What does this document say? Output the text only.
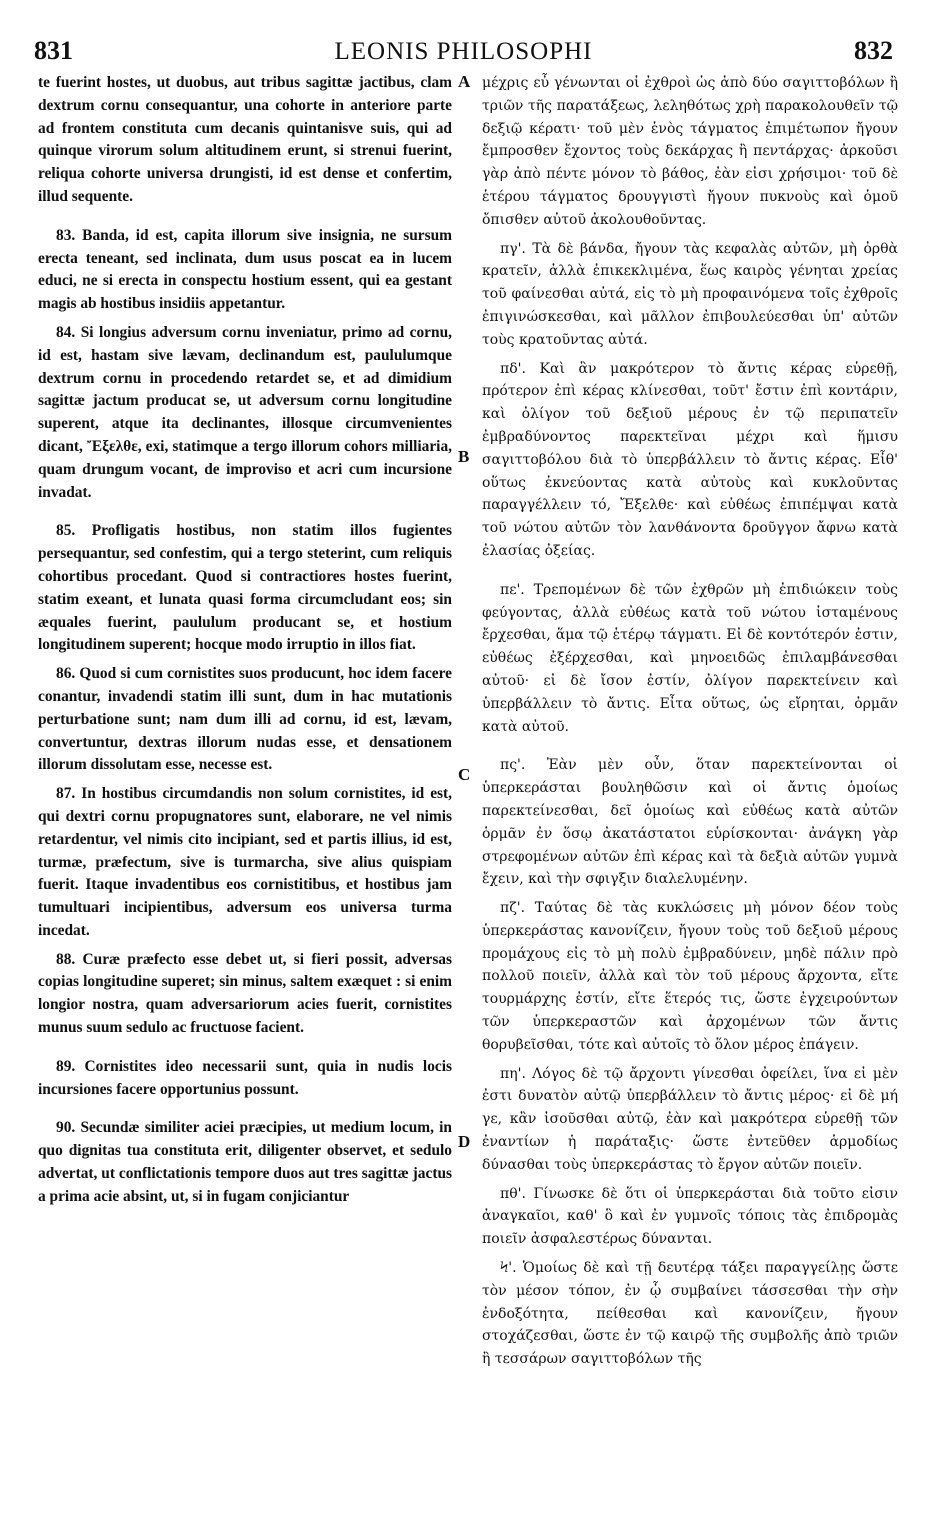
831	LEONIS PHILOSOPHI	832

te fuerint hostes, ut duobus, aut tribus sagittæ jactibus, clam dextrum cornu consequantur, una cohorte in anteriore parte ad frontem constituta cum decanis quintanisve suis, qui ad quinque virorum solum altitudinem erunt, si strenui fuerint, reliqua cohorte universa drungisti, id est dense et confertim, illud sequente.

83. Banda, id est, capita illorum sive insignia, ne sursum erecta teneant, sed inclinata, dum usus poscat ea in lucem educi, ne si erecta in conspectu hostium essent, qui ea gestant magis ab hostibus insidiis appetantur.

84. Si longius adversum cornu inveniatur, primo ad cornu, id est, hastam sive lævam, declinandum est, paululumque dextrum cornu in procedendo retardet se, et ad dimidium sagittæ jactum producat se, ut adversum cornu longitudine superent, atque ita declinantes, illosque circumvenientes dicant, Ἔξελθε, exi, statimque a tergo illorum cohors milliaria, quam drungum vocant, de improviso et acri cum incursione invadat.

85. Profligatis hostibus, non statim illos fugientes persequantur, sed confestim, qui a tergo steterint, cum reliquis cohortibus procedant. Quod si contractiores hostes fuerint, statim exeant, et lunata quasi forma circumcludant eos; sin æquales fuerint, paululum producant se, et hostium longitudinem superent; hocque modo irruptio in illos fiat.

86. Quod si cum cornistites suos producunt, hoc idem facere conantur, invadendi statim illi sunt, dum in hac mutationis perturbatione sunt; nam dum illi ad cornu, id est, lævam, convertuntur, dextras illorum nudas esse, et densationem illorum dissolutam esse, necesse est.

87. In hostibus circumdandis non solum cornistites, id est, qui dextri cornu propugnatores sunt, elaborare, ne vel nimis retardentur, vel nimis cito incipiant, sed et partis illius, id est, turmæ, præfectum, sive is turmarcha, sive alius quispiam fuerit. Itaque invadentibus eos cornistitibus, et hostibus jam tumultuari incipientibus, adversum eos universa turma incedat.

88. Curæ præfecto esse debet ut, si fieri possit, adversas copias longitudine superet; sin minus, saltem exæquet : si enim longior nostra, quam adversariorum acies fuerit, cornistites munus suum sedulo ac fructuose facient.

89. Cornistites ideo necessarii sunt, quia in nudis locis incursiones facere opportunius possunt.

90. Secundæ similiter aciei præcipies, ut medium locum, in quo dignitas tua constituta erit, diligenter observet, et sedulo advertat, ut conflictationis tempore duos aut tres sagittæ jactus a prima acie absint, ut, si in fugam conjiciantur

A
B
C
D

μέχρις εὖ γένωνται οἱ ἐχθροὶ ὡς ἀπὸ δύο σαγιττοβόλων ἢ τριῶν τῆς παρατάξεως, λεληθότως χρὴ παρακολουθεῖν τῷ δεξιῷ κέρατι· τοῦ μὲν ἑνὸς τάγματος ἐπιμέτωπον ἤγουν ἔμπροσθεν ἔχοντος τοὺς δεκάρχας ἢ πεντάρχας· ἀρκοῦσι γὰρ ἀπὸ πέντε μόνον τὸ βάθος, ἐὰν εἰσι χρήσιμοι· τοῦ δὲ ἑτέρου τάγματος δρουγγιστὶ ἤγουν πυκνοὺς καὶ ὁμοῦ ὄπισθεν αὐτοῦ ἀκολουθοῦντας.

πγ'. Τὰ δὲ βάνδα, ἤγουν τὰς κεφαλὰς αὐτῶν, μὴ ὀρθὰ κρατεῖν, ἀλλὰ ἐπικεκλιμένα, ἕως καιρὸς γένηται χρείας τοῦ φαίνεσθαι αὐτά, εἰς τὸ μὴ προφαινόμενα τοῖς ἐχθροῖς ἐπιγινώσκεσθαι, καὶ μᾶλλον ἐπιβουλεύεσθαι ὑπ' αὐτῶν τοὺς κρατοῦντας αὐτά.

πδ'. Καὶ ἂν μακρότερον τὸ ἄντις κέρας εὑρεθῇ, πρότερον ἐπὶ κέρας κλίνεσθαι, τοῦτ' ἔστιν ἐπὶ κοντάριν, καὶ ὀλίγον τοῦ δεξιοῦ μέρους ἐν τῷ περιπατεῖν ἐμβραδύνοντος παρεκτεῖναι μέχρι καὶ ἥμισυ σαγιττοβόλου διὰ τὸ ὑπερβάλλειν τὸ ἄντις κέρας. Εἶθ' οὕτως ἐκνεύοντας κατὰ αὐτοὺς καὶ κυκλοῦντας παραγγέλλειν τό, Ἔξελθε· καὶ εὐθέως ἐπιπέμψαι κατὰ τοῦ νώτου αὐτῶν τὸν λανθάνοντα δροῦγγον ἄφνω κατὰ ἐλασίας ὀξείας.

πε'. Τρεπομένων δὲ τῶν ἐχθρῶν μὴ ἐπιδιώκειν τοὺς φεύγοντας, ἀλλὰ εὐθέως κατὰ τοῦ νώτου ἱσταμένους ἔρχεσθαι, ἅμα τῷ ἑτέρῳ τάγματι. Εἰ δὲ κοντότερόν ἐστιν, εὐθέως ἐξέρχεσθαι, καὶ μηνοειδῶς ἐπιλαμβάνεσθαι αὐτοῦ· εἰ δὲ ἴσον ἐστίν, ὀλίγον παρεκτείνειν καὶ ὑπερβάλλειν τὸ ἄντις. Εἶτα οὕτως, ὡς εἴρηται, ὁρμᾶν κατὰ αὐτοῦ.

πς'. Ἐὰν μὲν οὖν, ὅταν παρεκτείνονται οἱ ὑπερκεράσται βουληθῶσιν καὶ οἱ ἄντις ὁμοίως παρεκτείνεσθαι, δεῖ ὁμοίως καὶ εὐθέως κατὰ αὐτῶν ὁρμᾶν ἐν ὅσῳ ἀκατάστατοι εὑρίσκονται· ἀνάγκη γὰρ στρεφομένων αὐτῶν ἐπὶ κέρας καὶ τὰ δεξιὰ αὐτῶν γυμνὰ ἔχειν, καὶ τὴν σφιγξιν διαλελυμένην.

πζ'. Ταύτας δὲ τὰς κυκλώσεις μὴ μόνον δέον τοὺς ὑπερκεράστας κανονίζειν, ἤγουν τοὺς τοῦ δεξιοῦ μέρους προμάχους εἰς τὸ μὴ πολὺ ἐμβραδύνειν, μηδὲ πάλιν πρὸ πολλοῦ ποιεῖν, ἀλλὰ καὶ τὸν τοῦ μέρους ἄρχοντα, εἴτε τουρμάρχης ἐστίν, εἴτε ἕτερός τις, ὥστε ἐγχειρούντων τῶν ὑπερκεραστῶν καὶ ἀρχομένων τῶν ἄντις θορυβεῖσθαι, τότε καὶ αὐτοῖς τὸ ὅλον μέρος ἐπάγειν.

πη'. Λόγος δὲ τῷ ἄρχοντι γίνεσθαι ὀφείλει, ἵνα εἰ μὲν ἐστι δυνατὸν αὐτῷ ὑπερβάλλειν τὸ ἄντις μέρος· εἰ δὲ μή γε, κἂν ἰσοῦσθαι αὐτῷ, ἐὰν καὶ μακρότερα εὑρεθῇ τῶν ἐναντίων ἡ παράταξις· ὥστε ἐντεῦθεν ἁρμοδίως δύνασθαι τοὺς ὑπερκεράστας τὸ ἔργον αὐτῶν ποιεῖν.

πθ'. Γίνωσκε δὲ ὅτι οἱ ὑπερκεράσται διὰ τοῦτο εἰσιν ἀναγκαῖοι, καθ' ὃ καὶ ἐν γυμνοῖς τόποις τὰς ἐπιδρομὰς ποιεῖν ἀσφαλεστέρως δύνανται.

Ϟ'. Ὁμοίως δὲ καὶ τῇ δευτέρᾳ τάξει παραγγείλῃς ὥστε τὸν μέσον τόπον, ἐν ᾧ συμβαίνει τάσσεσθαι τὴν σὴν ἐνδοξότητα, πείθεσθαι καὶ κανονίζειν, ἤγουν στοχάζεσθαι, ὥστε ἐν τῷ καιρῷ τῆς συμβολῆς ἀπὸ τριῶν ἢ τεσσάρων σαγιττοβόλων τῆς
